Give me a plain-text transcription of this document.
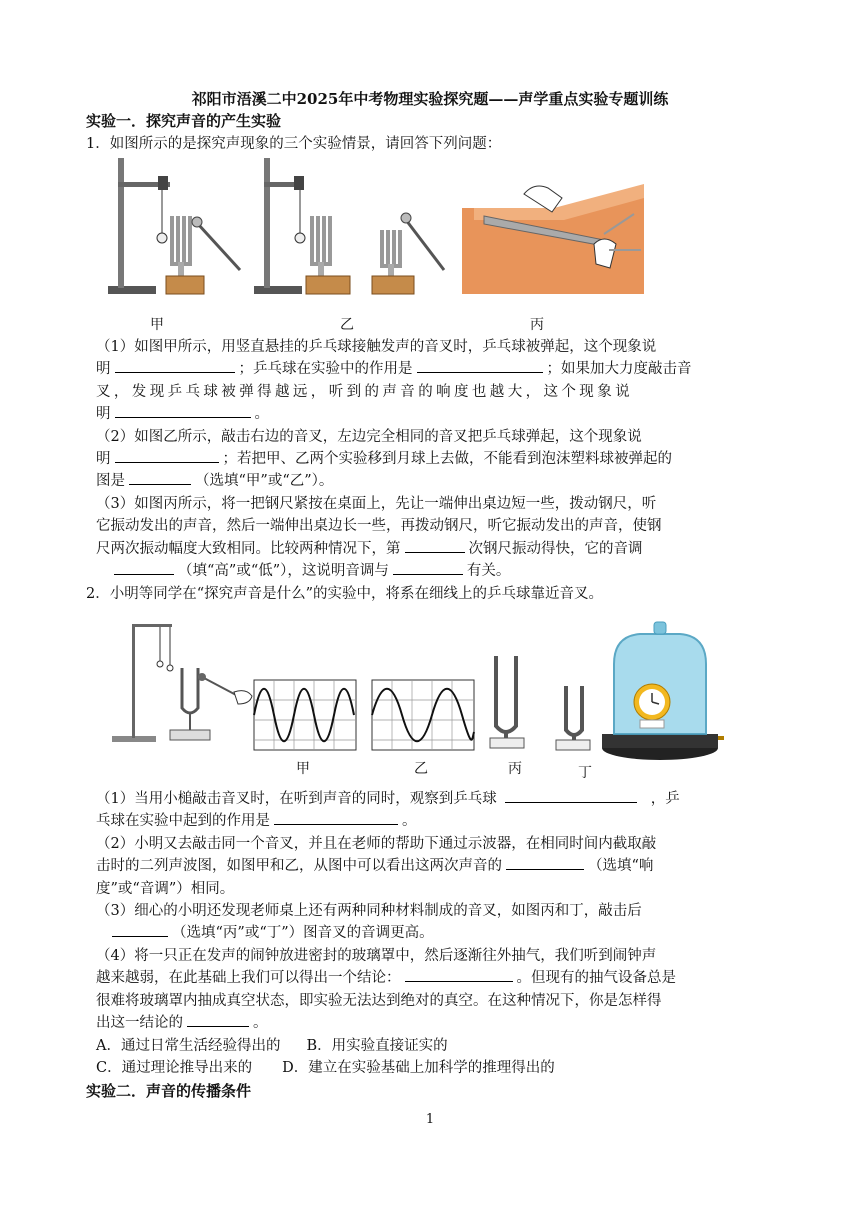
祁阳市浯溪二中2025年中考物理实验探究题——声学重点实验专题训练
实验一．探究声音的产生实验
1．如图所示的是探究声现象的三个实验情景，请回答下列问题：
甲	乙	丙
（1）如图甲所示，用竖直悬挂的乒乓球接触发声的音叉时，乒乓球被弹起，这个现象说
明	；乒乓球在实验中的作用是	；如果加大力度敲击音
叉，发现乒乓球被弹得越远，听到的声音的响度也越大，这个现象说
明	。
（2）如图乙所示，敲击右边的音叉，左边完全相同的音叉把乒乓球弹起，这个现象说
明	；若把甲、乙两个实验移到月球上去做，不能看到泡沫塑料球被弹起的
图是	（选填“甲”或“乙”）。
（3）如图丙所示，将一把钢尺紧按在桌面上，先让一端伸出桌边短一些，拨动钢尺，听
它振动发出的声音，然后一端伸出桌边长一些，再拨动钢尺，听它振动发出的声音，使钢
尺两次振动幅度大致相同。比较两种情况下，第	次钢尺振动得快，它的音调
（填“高”或“低”），这说明音调与	有关。
2．小明等同学在“探究声音是什么”的实验中，将系在细线上的乒乓球靠近音叉。
甲	乙	丙	丁
（1）当用小槌敲击音叉时，在听到声音的同时，观察到乒乓球	，乒
乓球在实验中起到的作用是	。
（2）小明又去敲击同一个音叉，并且在老师的帮助下通过示波器，在相同时间内截取敲
击时的二列声波图，如图甲和乙，从图中可以看出这两次声音的	（选填“响
度”或“音调”）相同。
（3）细心的小明还发现老师桌上还有两种同种材料制成的音叉，如图丙和丁，敲击后
（选填“丙”或“丁”）图音叉的音调更高。
（4）将一只正在发声的闹钟放进密封的玻璃罩中，然后逐渐往外抽气，我们听到闹钟声
越来越弱，在此基础上我们可以得出一个结论：	。但现有的抽气设备总是
很难将玻璃罩内抽成真空状态，即实验无法达到绝对的真空。在这种情况下，你是怎样得
出这一结论的	。
A．通过日常生活经验得出的 B．用实验直接证实的
C．通过理论推导出来的 D．建立在实验基础上加科学的推理得出的
实验二．声音的传播条件
1
